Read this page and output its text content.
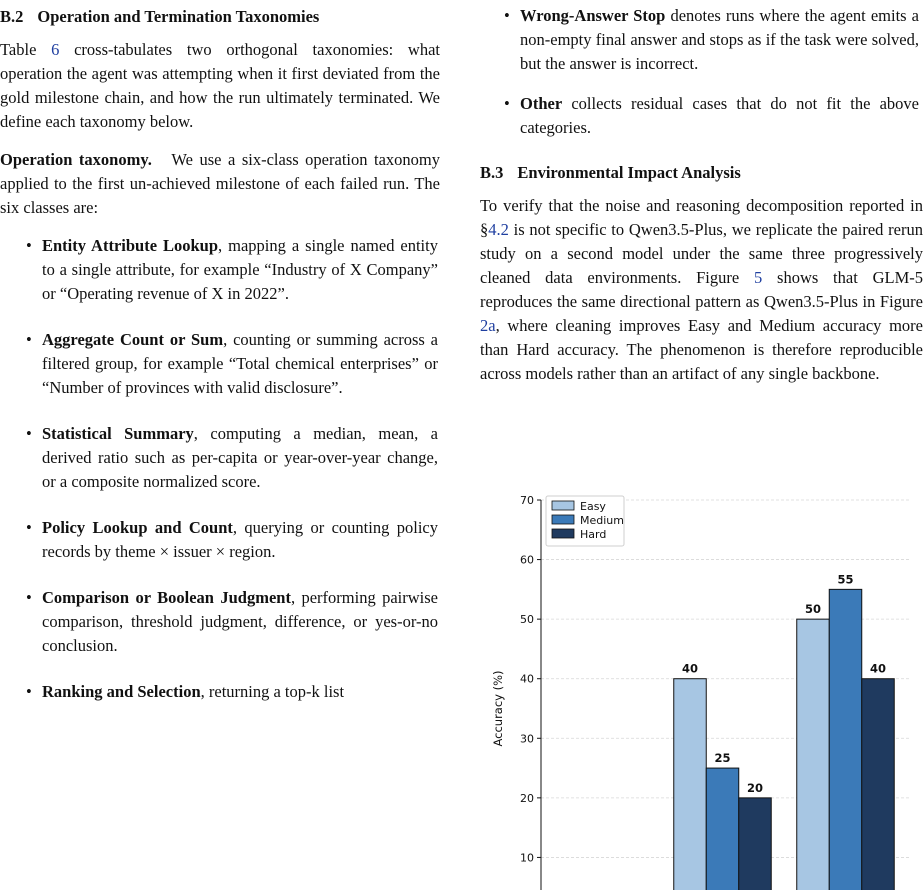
B.2 Operation and Termination Taxonomies

Table 6 cross-tabulates two orthogonal taxonomies: what operation the agent was attempting when it first deviated from the gold milestone chain, and how the run ultimately terminated. We define each taxonomy below.

Operation taxonomy. We use a six-class operation taxonomy applied to the first un-achieved milestone of each failed run. The six classes are:

• Entity Attribute Lookup, mapping a single named entity to a single attribute, for example “Industry of X Company” or “Operating revenue of X in 2022”.
• Aggregate Count or Sum, counting or summing across a filtered group, for example “Total chemical enterprises” or “Number of provinces with valid disclosure”.
• Statistical Summary, computing a median, mean, a derived ratio such as per-capita or year-over-year change, or a composite normalized score.
• Policy Lookup and Count, querying or counting policy records by theme × issuer × region.
• Comparison or Boolean Judgment, performing pairwise comparison, threshold judgment, difference, or yes-or-no conclusion.
• Ranking and Selection, returning a top-k list
• Wrong-Answer Stop denotes runs where the agent emits a non-empty final answer and stops as if the task were solved, but the answer is incorrect.
• Other collects residual cases that do not fit the above categories.
B.3 Environmental Impact Analysis

To verify that the noise and reasoning decomposition reported in §4.2 is not specific to Qwen3.5-Plus, we replicate the paired rerun study on a second model under the same three progressively cleaned data environments. Figure 5 shows that GLM-5 reproduces the same directional pattern as Qwen3.5-Plus in Figure 2a, where cleaning improves Easy and Medium accuracy more than Hard accuracy. The phenomenon is therefore reproducible across models rather than an artifact of any single backbone.

10
20
30
40
50
60
70
40
25
20
50
55
40
Accuracy (%)
Easy
Medium
Hard
